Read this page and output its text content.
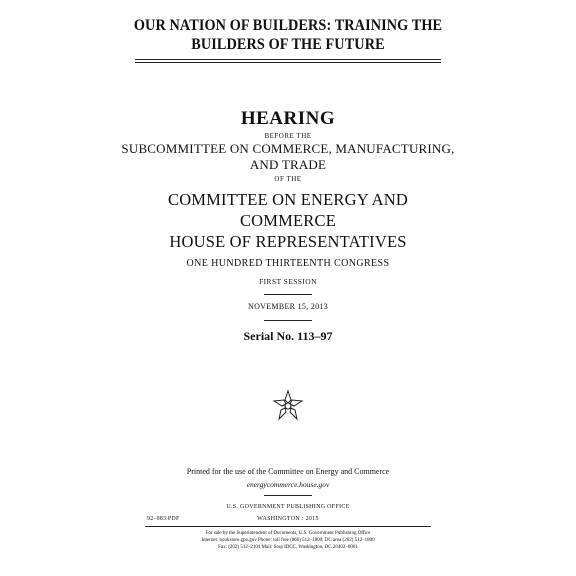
OUR NATION OF BUILDERS: TRAINING THE
BUILDERS OF THE FUTURE
HEARING
BEFORE THE
SUBCOMMITTEE ON COMMERCE, MANUFACTURING,
AND TRADE
OF THE
COMMITTEE ON ENERGY AND
COMMERCE
HOUSE OF REPRESENTATIVES
ONE HUNDRED THIRTEENTH CONGRESS
FIRST SESSION
NOVEMBER 15, 2013
Serial No. 113–97
Printed for the use of the Committee on Energy and Commerce
energycommerce.house.gov
U.S. GOVERNMENT PUBLISHING OFFICE
92–983 PDF	WASHINGTON : 2015
For sale by the Superintendent of Documents, U.S. Government Publishing Office
Internet: bookstore.gpo.gov Phone: toll free (866) 512–1800; DC area (202) 512–1800
Fax: (202) 512–2104 Mail: Stop IDCC, Washington, DC 20402–0001
